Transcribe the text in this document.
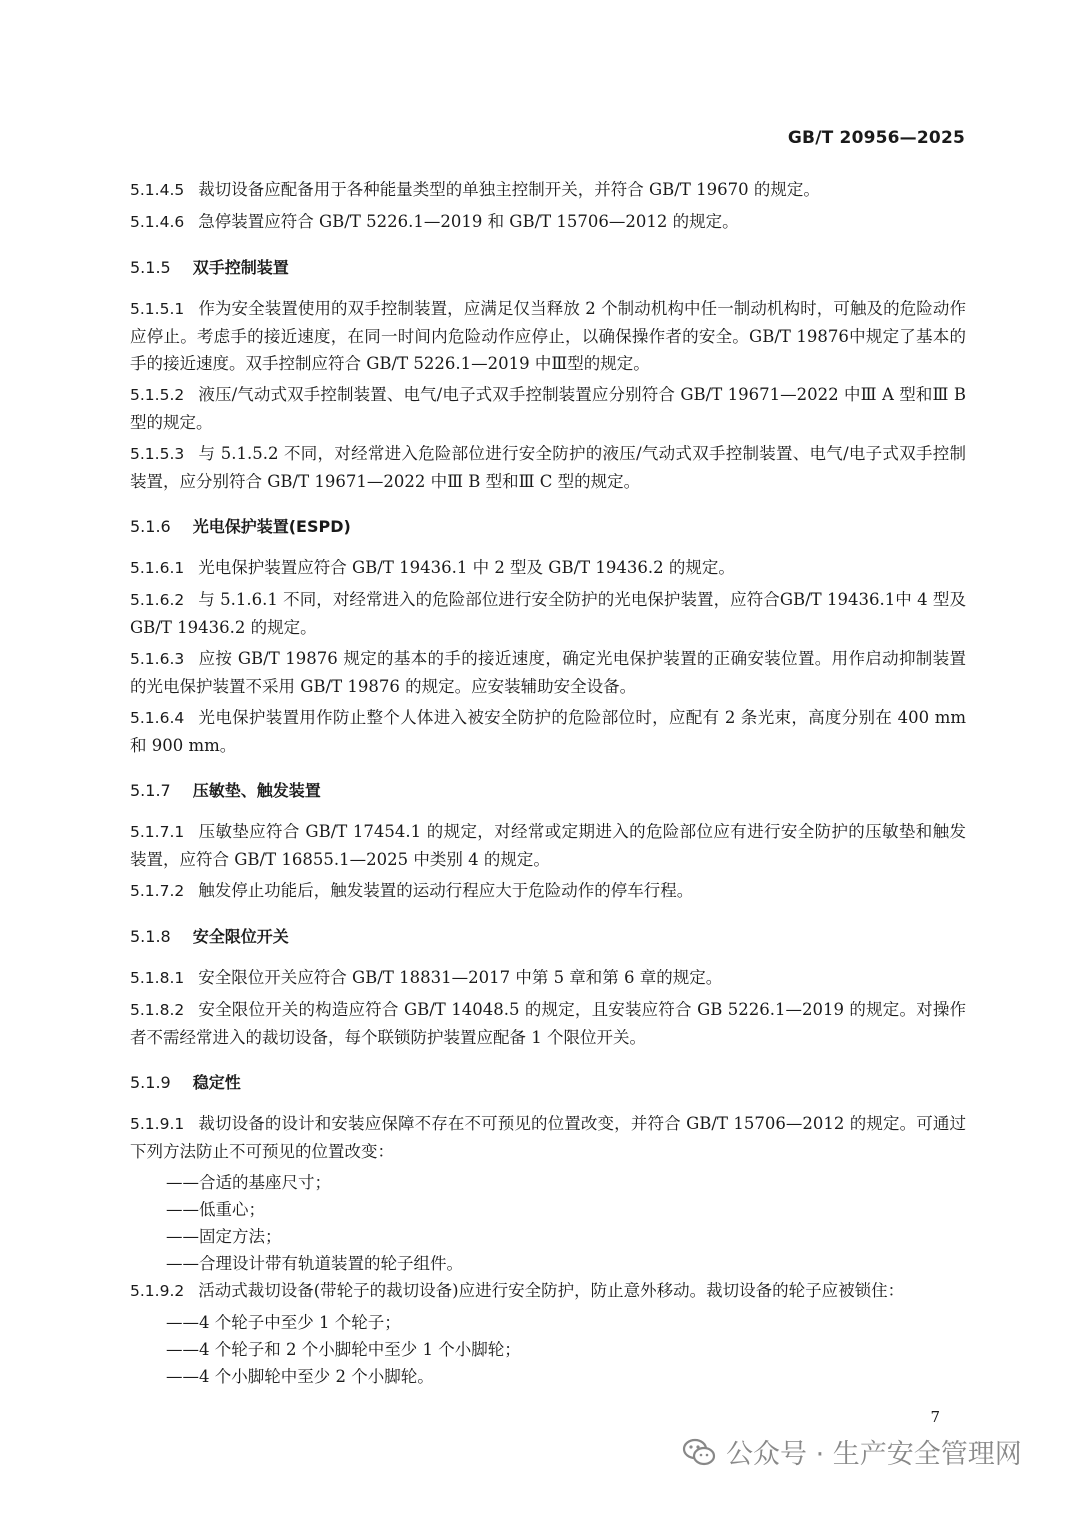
GB/T 20956—2025

5.1.4.5 裁切设备应配备用于各种能量类型的单独主控制开关，并符合 GB/T 19670 的规定。

5.1.4.6 急停装置应符合 GB/T 5226.1—2019 和 GB/T 15706—2012 的规定。

5.1.5 双手控制装置

5.1.5.1 作为安全装置使用的双手控制装置，应满足仅当释放 2 个制动机构中任一制动机构时，可触及的危险动作应停止。考虑手的接近速度，在同一时间内危险动作应停止，以确保操作者的安全。GB/T 19876中规定了基本的手的接近速度。双手控制应符合 GB/T 5226.1—2019 中Ⅲ型的规定。

5.1.5.2 液压/气动式双手控制装置、电气/电子式双手控制装置应分别符合 GB/T 19671—2022 中Ⅲ A 型和Ⅲ B 型的规定。

5.1.5.3 与 5.1.5.2 不同，对经常进入危险部位进行安全防护的液压/气动式双手控制装置、电气/电子式双手控制装置，应分别符合 GB/T 19671—2022 中Ⅲ B 型和Ⅲ C 型的规定。

5.1.6 光电保护装置(ESPD)

5.1.6.1 光电保护装置应符合 GB/T 19436.1 中 2 型及 GB/T 19436.2 的规定。

5.1.6.2 与 5.1.6.1 不同，对经常进入的危险部位进行安全防护的光电保护装置，应符合GB/T 19436.1中 4 型及 GB/T 19436.2 的规定。

5.1.6.3 应按 GB/T 19876 规定的基本的手的接近速度，确定光电保护装置的正确安装位置。用作启动抑制装置的光电保护装置不采用 GB/T 19876 的规定。应安装辅助安全设备。

5.1.6.4 光电保护装置用作防止整个人体进入被安全防护的危险部位时，应配有 2 条光束，高度分别在 400 mm 和 900 mm。

5.1.7 压敏垫、触发装置

5.1.7.1 压敏垫应符合 GB/T 17454.1 的规定，对经常或定期进入的危险部位应有进行安全防护的压敏垫和触发装置，应符合 GB/T 16855.1—2025 中类别 4 的规定。

5.1.7.2 触发停止功能后，触发装置的运动行程应大于危险动作的停车行程。

5.1.8 安全限位开关

5.1.8.1 安全限位开关应符合 GB/T 18831—2017 中第 5 章和第 6 章的规定。

5.1.8.2 安全限位开关的构造应符合 GB/T 14048.5 的规定，且安装应符合 GB 5226.1—2019 的规定。对操作者不需经常进入的裁切设备，每个联锁防护装置应配备 1 个限位开关。

5.1.9 稳定性

5.1.9.1 裁切设备的设计和安装应保障不存在不可预见的位置改变，并符合 GB/T 15706—2012 的规定。可通过下列方法防止不可预见的位置改变：

——合适的基座尺寸；
——低重心；
——固定方法；
——合理设计带有轨道装置的轮子组件。

5.1.9.2 活动式裁切设备(带轮子的裁切设备)应进行安全防护，防止意外移动。裁切设备的轮子应被锁住：

——4 个轮子中至少 1 个轮子；
——4 个轮子和 2 个小脚轮中至少 1 个小脚轮；
——4 个小脚轮中至少 2 个小脚轮。
7
公众号 · 生产安全管理网
